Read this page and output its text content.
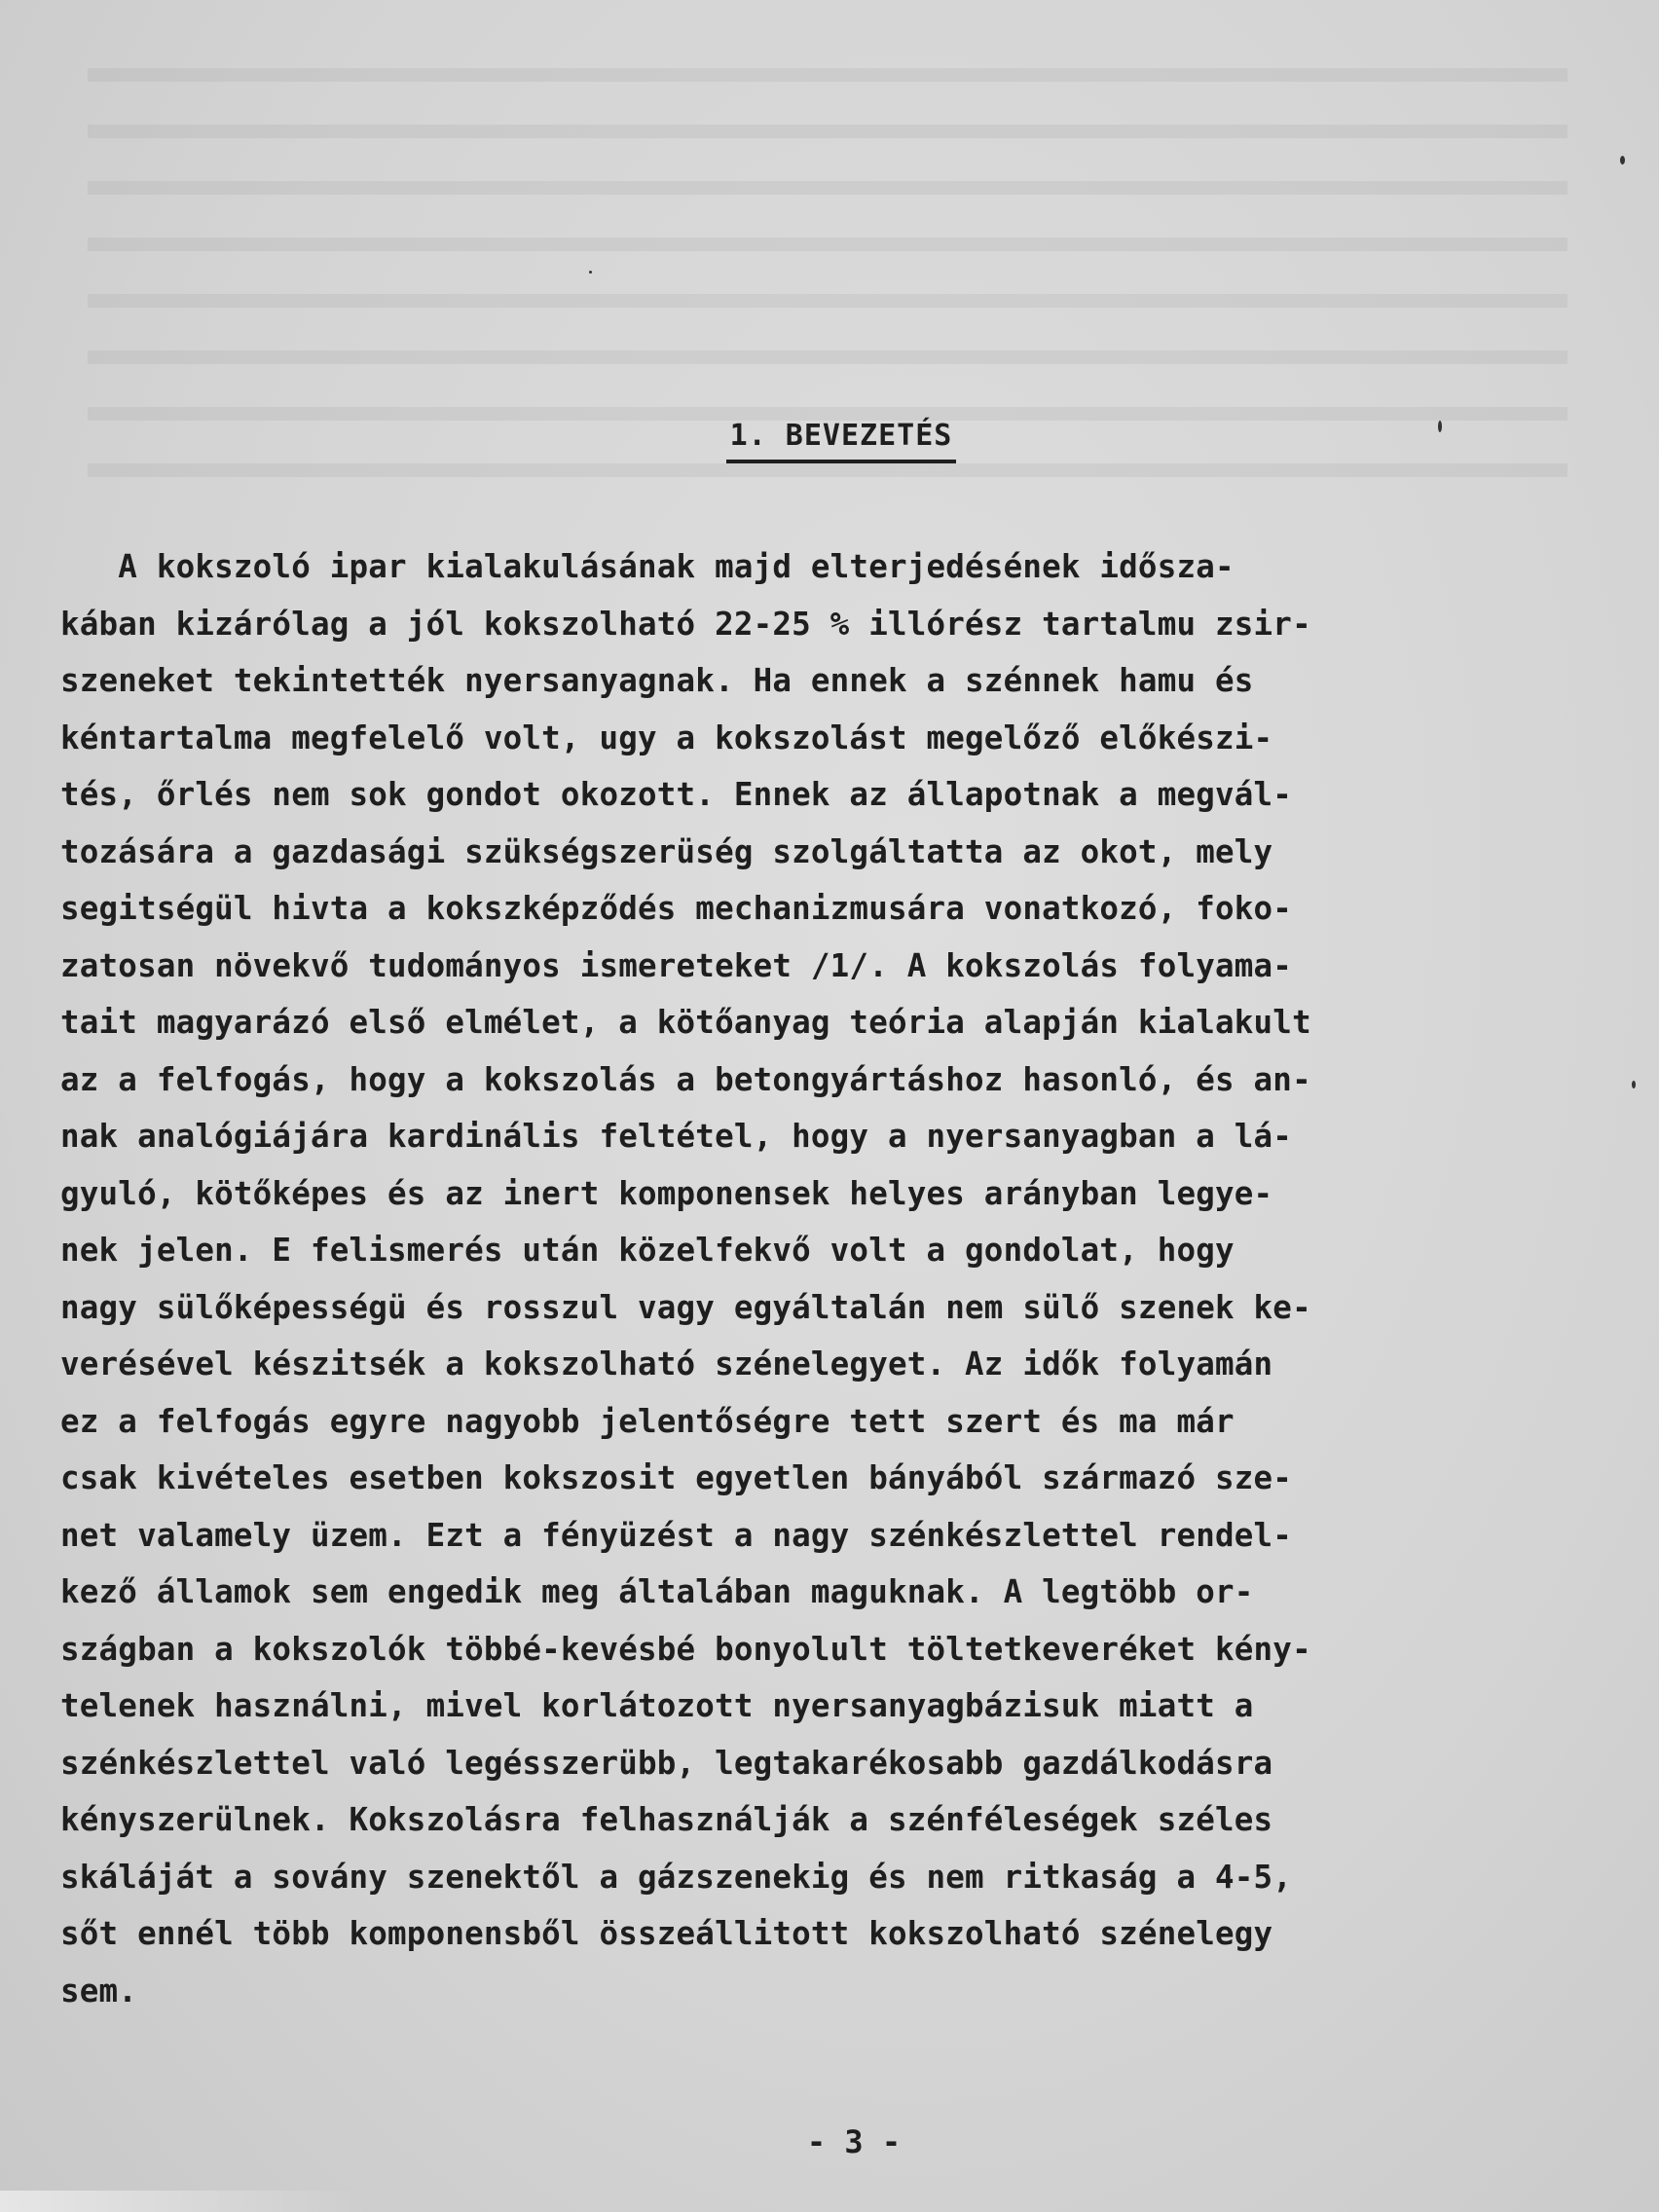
1. BEVEZETÉS
A kokszoló ipar kialakulásának majd elterjedésének idősza-
kában kizárólag a jól kokszolható 22-25 % illórész tartalmu zsir-
szeneket tekintették nyersanyagnak. Ha ennek a szénnek hamu és
kéntartalma megfelelő volt, ugy a kokszolást megelőző előkészi-
tés, őrlés nem sok gondot okozott. Ennek az állapotnak a megvál-
tozására a gazdasági szükségszerüség szolgáltatta az okot, mely
segitségül hivta a kokszképződés mechanizmusára vonatkozó, foko-
zatosan növekvő tudományos ismereteket /1/. A kokszolás folyama-
tait magyarázó első elmélet, a kötőanyag teória alapján kialakult
az a felfogás, hogy a kokszolás a betongyártáshoz hasonló, és an-
nak analógiájára kardinális feltétel, hogy a nyersanyagban a lá-
gyuló, kötőképes és az inert komponensek helyes arányban legye-
nek jelen. E felismerés után közelfekvő volt a gondolat, hogy
nagy sülőképességü és rosszul vagy egyáltalán nem sülő szenek ke-
verésével készitsék a kokszolható szénelegyet. Az idők folyamán
ez a felfogás egyre nagyobb jelentőségre tett szert és ma már
csak kivételes esetben kokszosit egyetlen bányából származó sze-
net valamely üzem. Ezt a fényüzést a nagy szénkészlettel rendel-
kező államok sem engedik meg általában maguknak. A legtöbb or-
szágban a kokszolók többé-kevésbé bonyolult töltetkeveréket kény-
telenek használni, mivel korlátozott nyersanyagbázisuk miatt a
szénkészlettel való legésszerübb, legtakarékosabb gazdálkodásra
kényszerülnek. Kokszolásra felhasználják a szénféleségek széles
skáláját a sovány szenektől a gázszenekig és nem ritkaság a 4-5,
sőt ennél több komponensből összeállitott kokszolható szénelegy
sem.
- 3 -
